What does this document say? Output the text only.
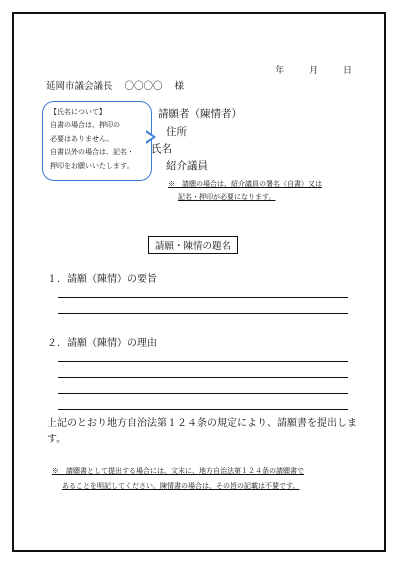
年	月	日
延岡市議会議長 〇〇〇〇 様
【氏名について】
自書の場合は、押印の
必要はありません。
自書以外の場合は、記名・
押印をお願いいたします。
請願者（陳情者）
住所
氏名
紹介議員
※　請願の場合は、紹介議員の署名（自書）又は
記名・押印が必要になります。
請願・陳情の題名
１．請願（陳情）の要旨
２．請願（陳情）の理由
上記のとおり地方自治法第１２４条の規定により、請願書を提出します。
※　請願書として提出する場合には、文末に、地方自治法第１２４条の請願書で
あることを明記してください。陳情書の場合は、その旨の記載は不要です。
